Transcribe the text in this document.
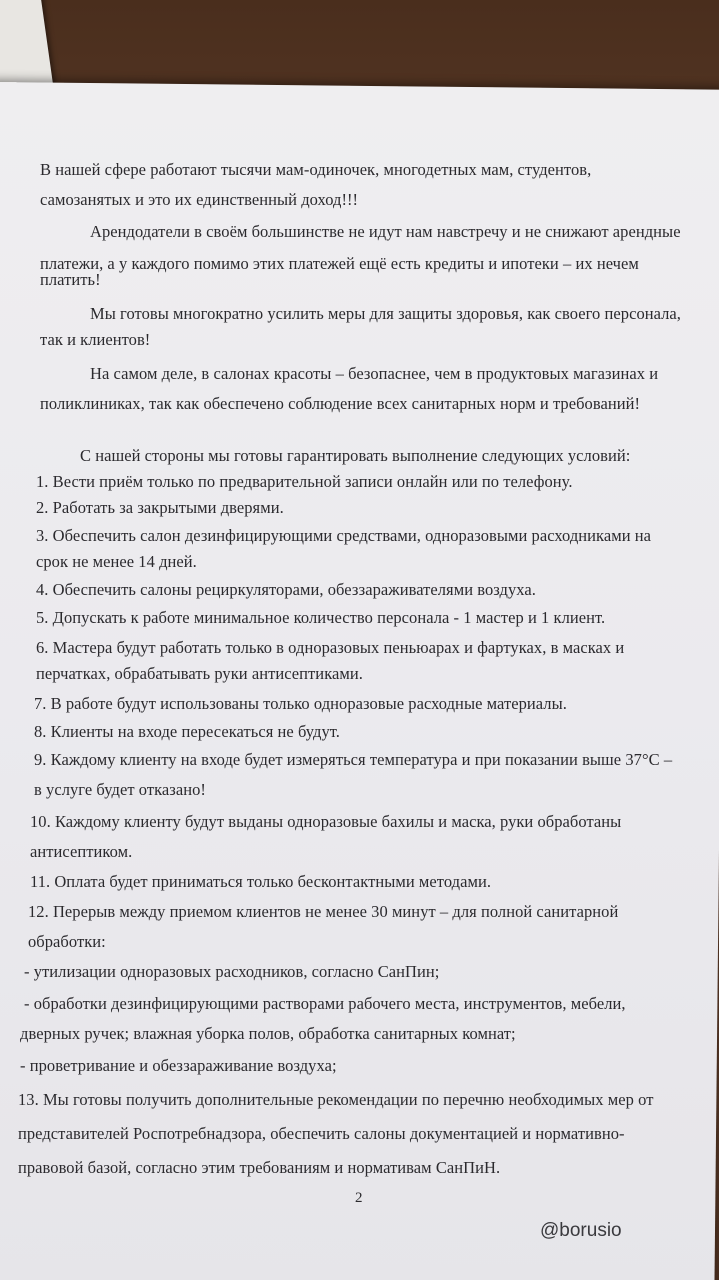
В нашей сфере работают тысячи мам-одиночек, многодетных мам, студентов,
самозанятых и это их единственный доход!!!
Арендодатели в своём большинстве не идут нам навстречу и не снижают арендные
платежи, а у каждого помимо этих платежей ещё есть кредиты и ипотеки – их нечем
платить!
Мы готовы многократно усилить меры для защиты здоровья, как своего персонала,
так и клиентов!
На самом деле, в салонах красоты – безопаснее, чем в продуктовых магазинах и
поликлиниках, так как обеспечено соблюдение всех санитарных норм и требований!
С нашей стороны мы готовы гарантировать выполнение следующих условий:
1. Вести приём только по предварительной записи онлайн или по телефону.
2. Работать за закрытыми дверями.
3. Обеспечить салон дезинфицирующими средствами, одноразовыми расходниками на
срок не менее 14 дней.
4. Обеспечить салоны рециркуляторами, обеззараживателями воздуха.
5. Допускать к работе минимальное количество персонала - 1 мастер и 1 клиент.
6. Мастера будут работать только в одноразовых пеньюарах и фартуках, в масках и
перчатках, обрабатывать руки антисептиками.
7. В работе будут использованы только одноразовые расходные материалы.
8. Клиенты на входе пересекаться не будут.
9. Каждому клиенту на входе будет измеряться температура и при показании выше 37°С –
в услуге будет отказано!
10. Каждому клиенту будут выданы одноразовые бахилы и маска, руки обработаны
антисептиком.
11. Оплата будет приниматься только бесконтактными методами.
12. Перерыв между приемом клиентов не менее 30 минут – для полной санитарной
обработки:
- утилизации одноразовых расходников, согласно СанПин;
- обработки дезинфицирующими растворами рабочего места, инструментов, мебели,
дверных ручек; влажная уборка полов, обработка санитарных комнат;
- проветривание и обеззараживание воздуха;
13. Мы готовы получить дополнительные рекомендации по перечню необходимых мер от
представителей Роспотребнадзора, обеспечить салоны документацией и нормативно-
правовой базой, согласно этим требованиям и нормативам СанПиН.
2
@borusio
